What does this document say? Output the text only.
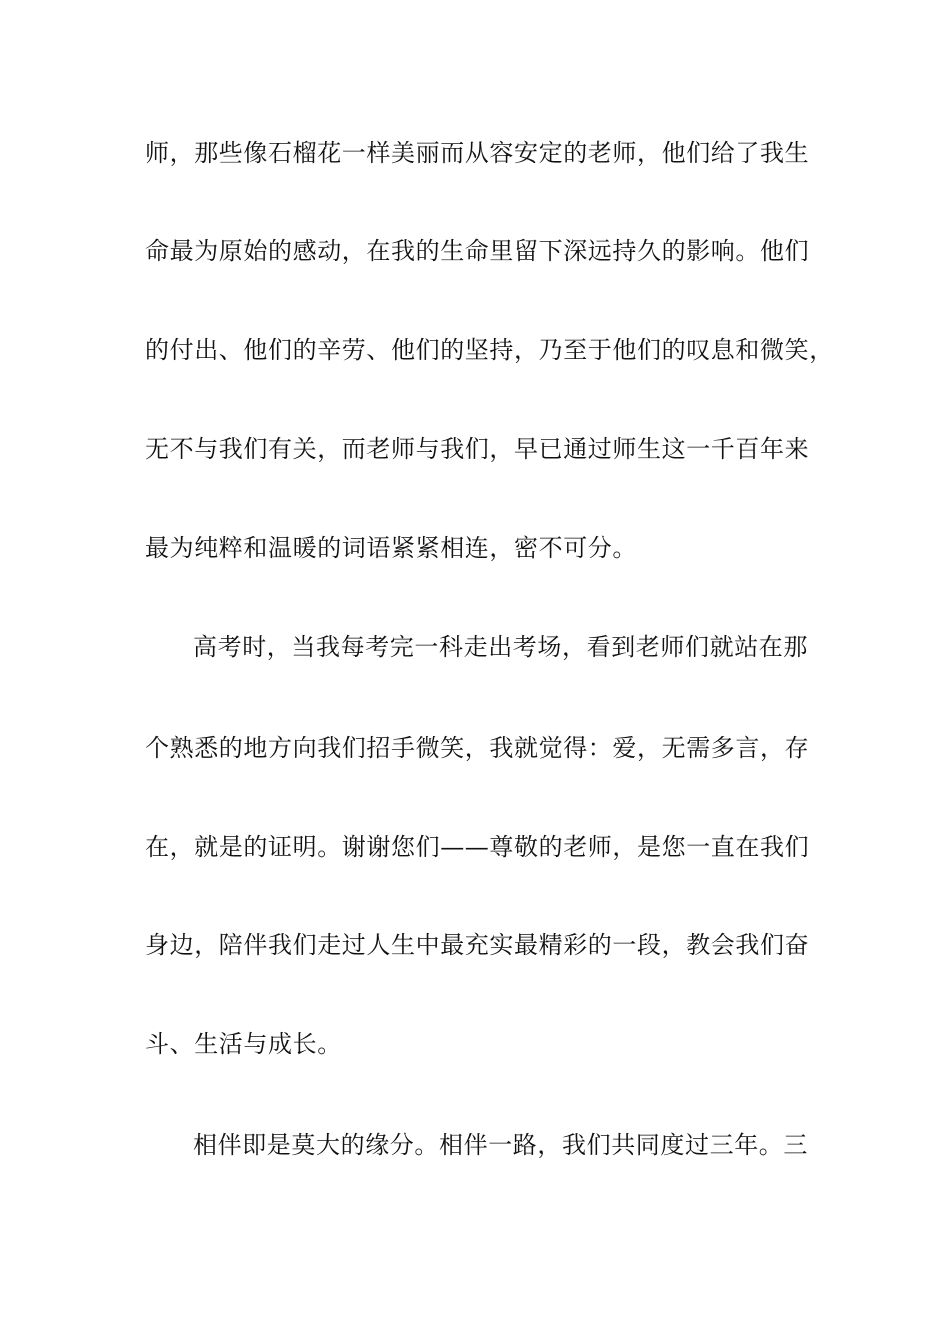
师，那些像石榴花一样美丽而从容安定的老师，他们给了我生
命最为原始的感动，在我的生命里留下深远持久的影响。他们
的付出、他们的辛劳、他们的坚持，乃至于他们的叹息和微笑，
无不与我们有关，而老师与我们，早已通过师生这一千百年来
最为纯粹和温暖的词语紧紧相连，密不可分。
高考时，当我每考完一科走出考场，看到老师们就站在那
个熟悉的地方向我们招手微笑，我就觉得：爱，无需多言，存
在，就是的证明。谢谢您们——尊敬的老师，是您一直在我们
身边，陪伴我们走过人生中最充实最精彩的一段，教会我们奋
斗、生活与成长。
相伴即是莫大的缘分。相伴一路，我们共同度过三年。三
